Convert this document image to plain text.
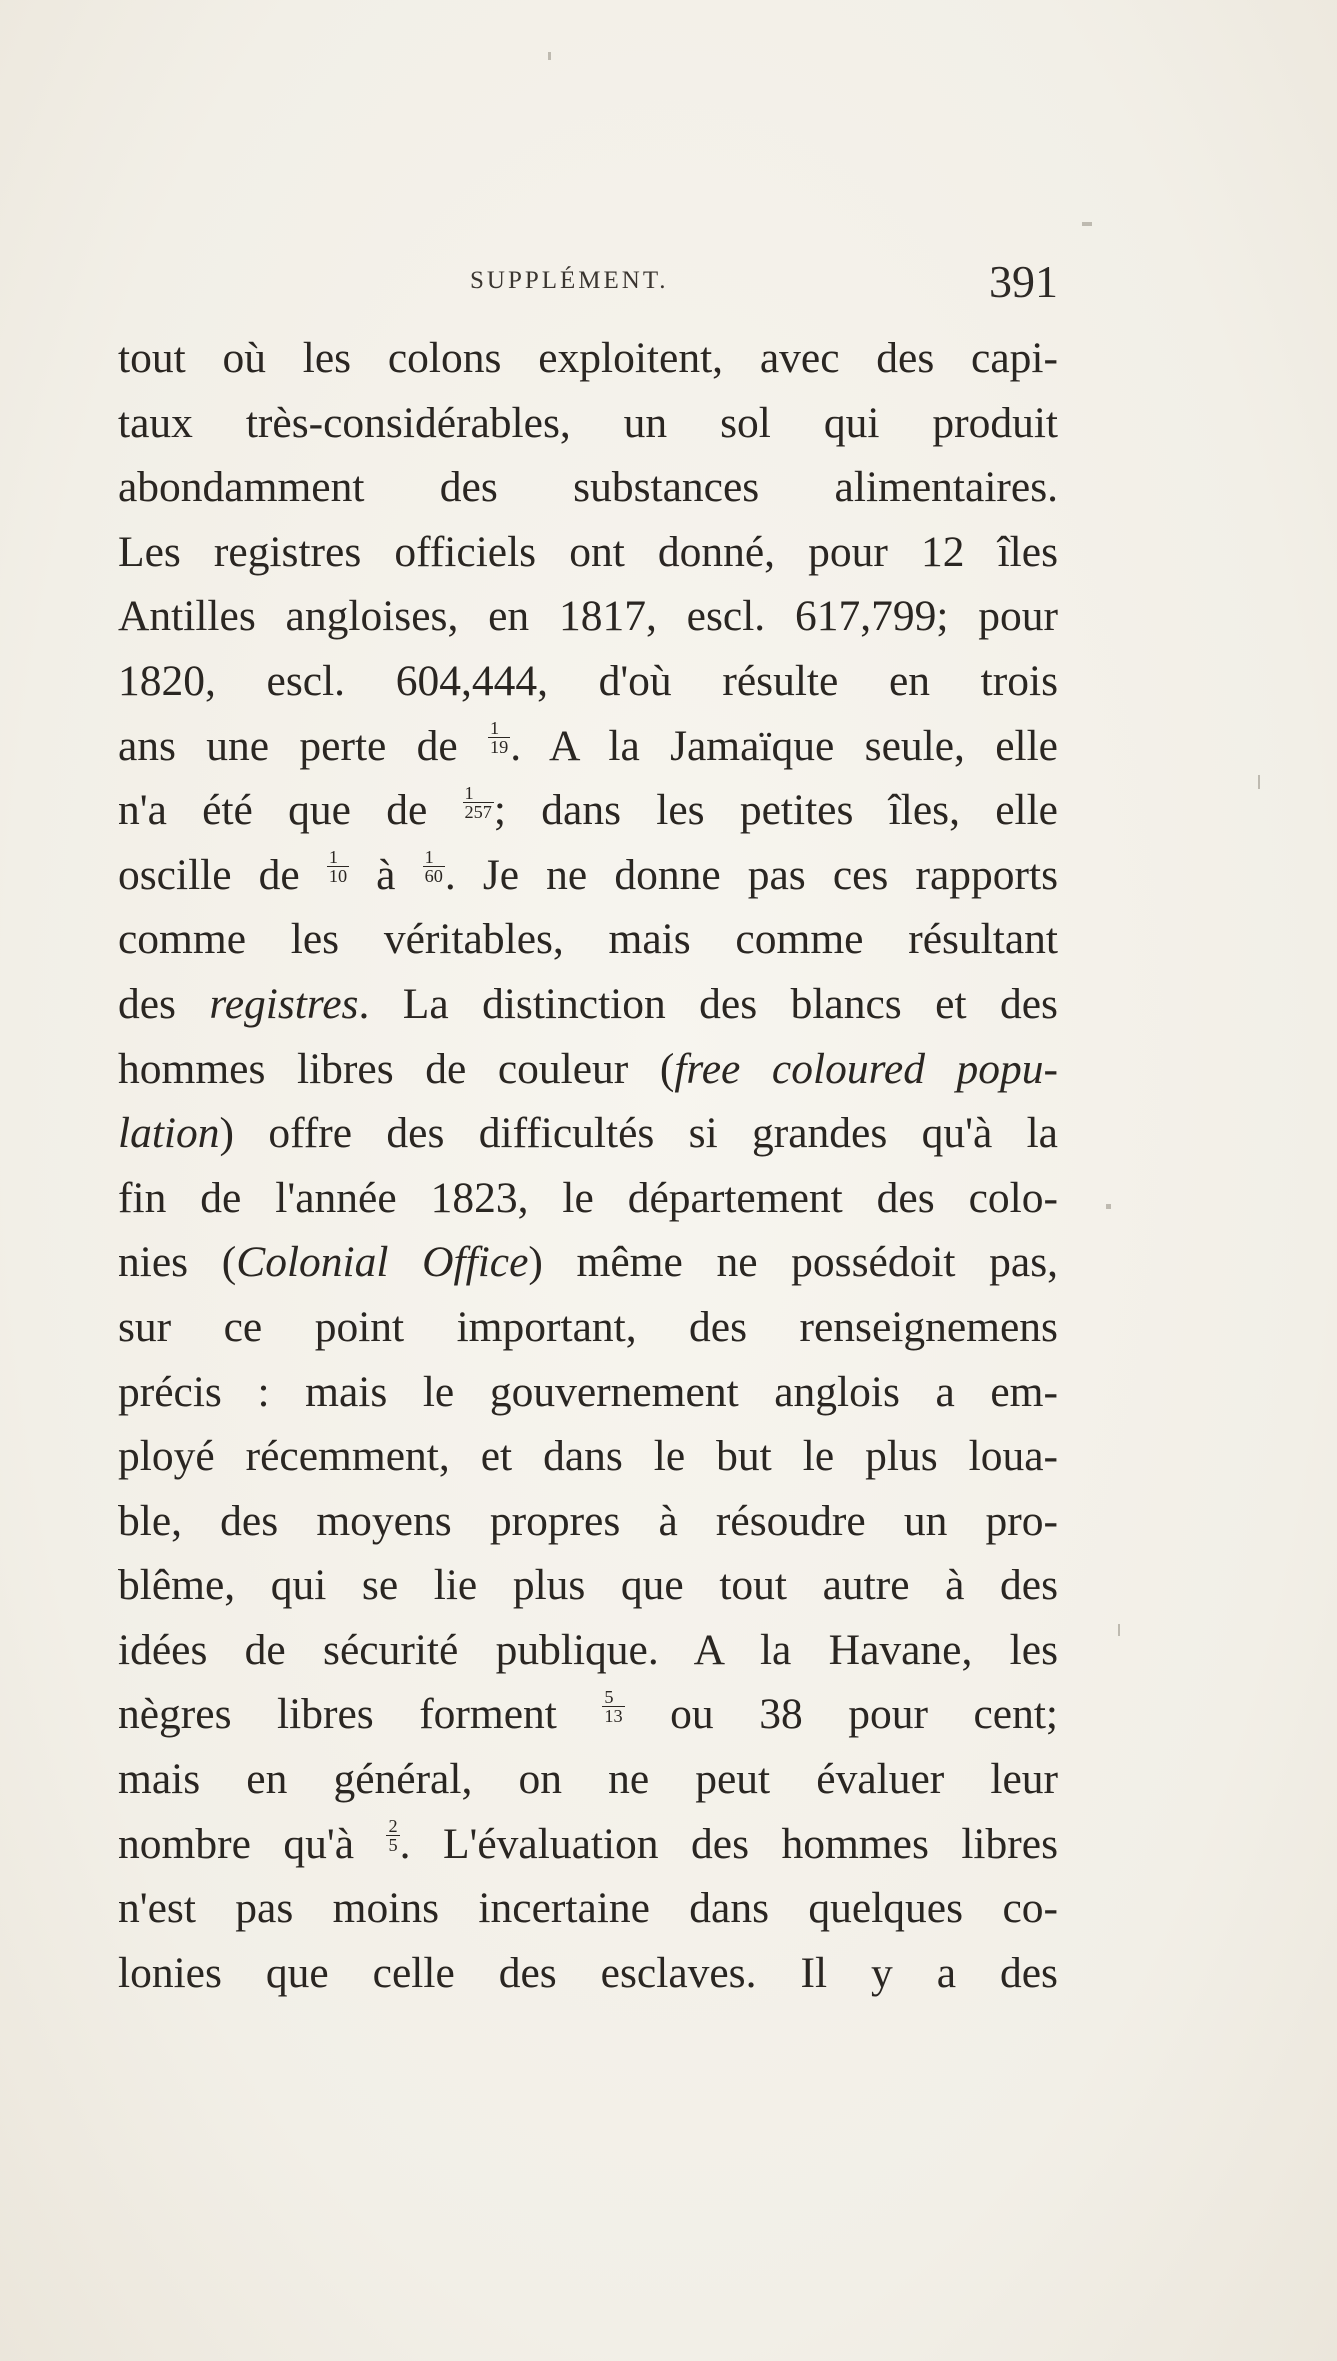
SUPPLÉMENT.	391
tout où les colons exploitent, avec des capi-
taux très-considérables, un sol qui produit
abondamment des substances alimentaires.
Les registres officiels ont donné, pour 12 îles
Antilles angloises, en 1817, escl. 617,799; pour
1820, escl. 604,444, d'où résulte en trois
ans une perte de $\frac{1}{19}$ . A la Jamaïque seule, elle
n'a été que de $\frac{1}{257}$ ; dans les petites îles, elle
oscille de $\frac{1}{10}$ à $\frac{1}{60}$ . Je ne donne pas ces rapports
comme les véritables, mais comme résultant
des registres. La distinction des blancs et des
hommes libres de couleur (free coloured popu-
lation) offre des difficultés si grandes qu'à la
fin de l'année 1823, le département des colo-
nies (Colonial Office) même ne possédoit pas,
sur ce point important, des renseignemens
précis : mais le gouvernement anglois a em-
ployé récemment, et dans le but le plus loua-
ble, des moyens propres à résoudre un pro-
blême, qui se lie plus que tout autre à des
idées de sécurité publique. A la Havane, les
nègres libres forment $\frac{5}{13}$ ou 38 pour cent;
mais en général, on ne peut évaluer leur
nombre qu'à $\frac{2}{5}$ . L'évaluation des hommes libres
n'est pas moins incertaine dans quelques co-
lonies que celle des esclaves. Il y a des
